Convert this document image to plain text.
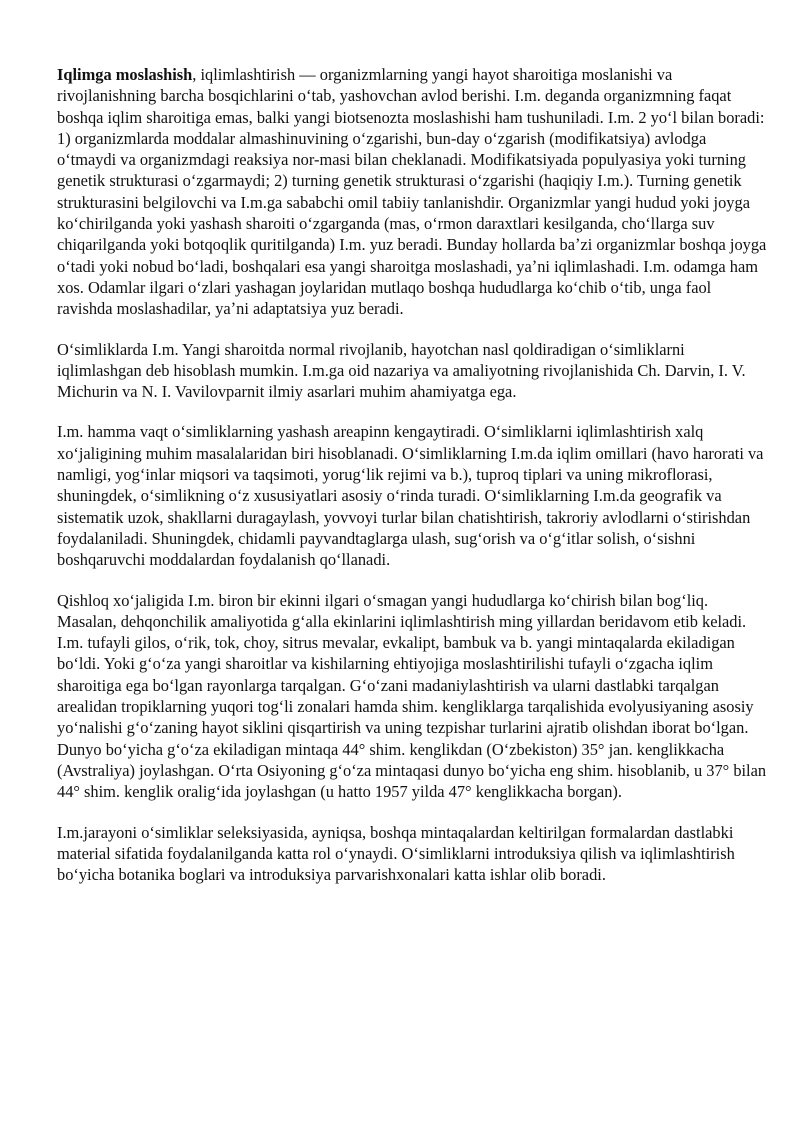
Iqlimga moslashish, iqlimlashtirish — organizmlarning yangi hayot sharoitiga moslanishi va rivojlanishning barcha bosqichlarini oʻtab, yashovchan avlod berishi. I.m. deganda organizmning faqat boshqa iqlim sharoitiga emas, balki yangi biotsenozta moslashishi ham tushuniladi. I.m. 2 yoʻl bilan boradi: 1) organizmlarda moddalar almashinuvining oʻzgarishi, bun-day oʻzgarish (modifikatsiya) avlodga oʻtmaydi va organizmdagi reaksiya nor-masi bilan cheklanadi. Modifikatsiyada populyasiya yoki turning genetik strukturasi oʻzgarmaydi; 2) turning genetik strukturasi oʻzgarishi (haqiqiy I.m.). Turning genetik strukturasini belgilovchi va I.m.ga sababchi omil tabiiy tanlanishdir. Organizmlar yangi hudud yoki joyga koʻchirilganda yoki yashash sharoiti oʻzgarganda (mas, oʻrmon daraxtlari kesilganda, choʻllarga suv chiqarilganda yoki botqoqlik quritilganda) I.m. yuz beradi. Bunday hollarda baʼzi organizmlar boshqa joyga oʻtadi yoki nobud boʻladi, boshqalari esa yangi sharoitga moslashadi, yaʼni iqlimlashadi. I.m. odamga ham xos. Odamlar ilgari oʻzlari yashagan joylaridan mutlaqo boshqa hududlarga koʻchib oʻtib, unga faol ravishda moslashadilar, yaʼni adaptatsiya yuz beradi.

Oʻsimliklarda I.m. Yangi sharoitda normal rivojlanib, hayotchan nasl qoldiradigan oʻsimliklarni iqlimlashgan deb hisoblash mumkin. I.m.ga oid nazariya va amaliyotning rivojlanishida Ch. Darvin, I. V. Michurin va N. I. Vavilovparnit ilmiy asarlari muhim ahamiyatga ega.

I.m. hamma vaqt oʻsimliklarning yashash areapinn kengaytiradi. Oʻsimliklarni iqlimlashtirish xalq xoʻjaligining muhim masalalaridan biri hisoblanadi. Oʻsimliklarning I.m.da iqlim omillari (havo harorati va namligi, yogʻinlar miqsori va taqsimoti, yorugʻlik rejimi va b.), tuproq tiplari va uning mikroflorasi, shuningdek, oʻsimlikning oʻz xususiyatlari asosiy oʻrinda turadi. Oʻsimliklarning I.m.da geografik va sistematik uzok, shakllarni duragaylash, yovvoyi turlar bilan chatishtirish, takroriy avlodlarni oʻstirishdan foydalaniladi. Shuningdek, chidamli payvandtaglarga ulash, sugʻorish va oʻgʻitlar solish, oʻsishni boshqaruvchi moddalardan foydalanish qoʻllanadi.

Qishloq xoʻjaligida I.m. biron bir ekinni ilgari oʻsmagan yangi hududlarga koʻchirish bilan bogʻliq. Masalan, dehqonchilik amaliyotida gʻalla ekinlarini iqlimlashtirish ming yillardan beridavom etib keladi. I.m. tufayli gilos, oʻrik, tok, choy, sitrus mevalar, evkalipt, bambuk va b. yangi mintaqalarda ekiladigan boʻldi. Yoki gʻoʻza yangi sharoitlar va kishilarning ehtiyojiga moslashtirilishi tufayli oʻzgacha iqlim sharoitiga ega boʻlgan rayonlarga tarqalgan. Gʻoʻzani madaniylashtirish va ularni dastlabki tarqalgan arealidan tropiklarning yuqori togʻli zonalari hamda shim. kengliklarga tarqalishida evolyusiyaning asosiy yoʻnalishi gʻoʻzaning hayot siklini qisqartirish va uning tezpishar turlarini ajratib olishdan iborat boʻlgan. Dunyo boʻyicha gʻoʻza ekiladigan mintaqa 44° shim. kenglikdan (Oʻzbekiston) 35° jan. kenglikkacha (Avstraliya) joylashgan. Oʻrta Osiyoning gʻoʻza mintaqasi dunyo boʻyicha eng shim. hisoblanib, u 37° bilan 44° shim. kenglik oraligʻida joylashgan (u hatto 1957 yilda 47° kenglikkacha borgan).

I.m.jarayoni oʻsimliklar seleksiyasida, ayniqsa, boshqa mintaqalardan keltirilgan formalardan dastlabki material sifatida foydalanilganda katta rol oʻynaydi. Oʻsimliklarni introduksiya qilish va iqlimlashtirish boʻyicha botanika boglari va introduksiya parvarishxonalari katta ishlar olib boradi.
